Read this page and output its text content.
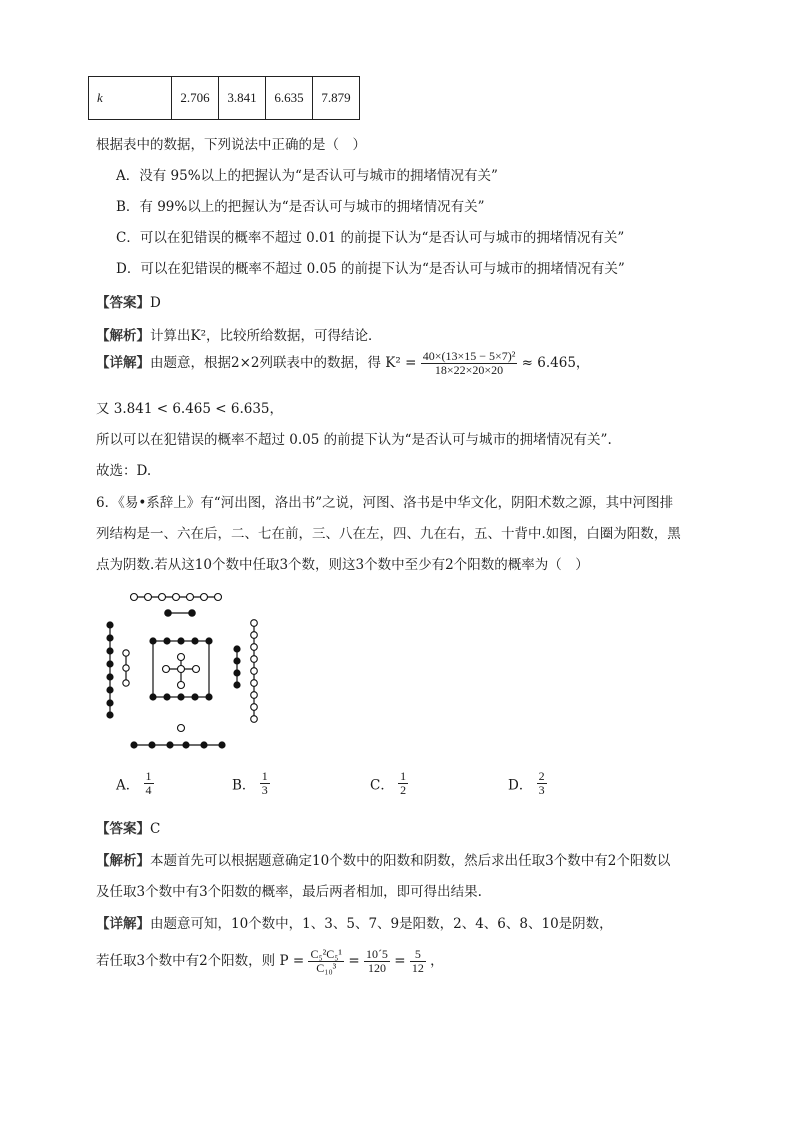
k	2.706	3.841	6.635	7.879
根据表中的数据，下列说法中正确的是（　）
A．没有 95%以上的把握认为“是否认可与城市的拥堵情况有关”
B．有 99%以上的把握认为“是否认可与城市的拥堵情况有关”
C．可以在犯错误的概率不超过 0.01 的前提下认为“是否认可与城市的拥堵情况有关”
D．可以在犯错误的概率不超过 0.05 的前提下认为“是否认可与城市的拥堵情况有关”
【答案】D
【解析】计算出K²，比较所给数据，可得结论．
【详解】由题意，根据2×2列联表中的数据，得 $K^2 = \frac{\text{40×(13×15 − 5×7)²}}{18\times 22\times 20\times 20} \approx 6.465$，
又 3.841 < 6.465 < 6.635，
所以可以在犯错误的概率不超过 0.05 的前提下认为“是否认可与城市的拥堵情况有关”.
故选：D.
6．《易•系辞上》有“河出图，洛出书”之说，河图、洛书是中华文化，阴阳术数之源，其中河图排
列结构是一、六在后，二、七在前，三、八在左，四、九在右，五、十背中.如图，白圈为阳数，黑
点为阴数.若从这10个数中任取3个数，则这3个数中至少有2个阳数的概率为（　）
A． $\frac{1}{4}$	B． $\frac{1}{3}$	C． $\frac{1}{2}$	D． $\frac{2}{3}$
【答案】C
【解析】本题首先可以根据题意确定10个数中的阳数和阴数，然后求出任取3个数中有2个阳数以
及任取3个数中有3个阳数的概率，最后两者相加，即可得出结果.
【详解】由题意可知，10个数中，1、3、5、7、9是阳数，2、4、6、8、10是阴数，
若任取3个数中有2个阳数，则 $P = \frac{\text{C₅²C₅¹}}{\text{C₁₀³}} = \frac{10´5}{120} = \frac{5}{12}$ ，
